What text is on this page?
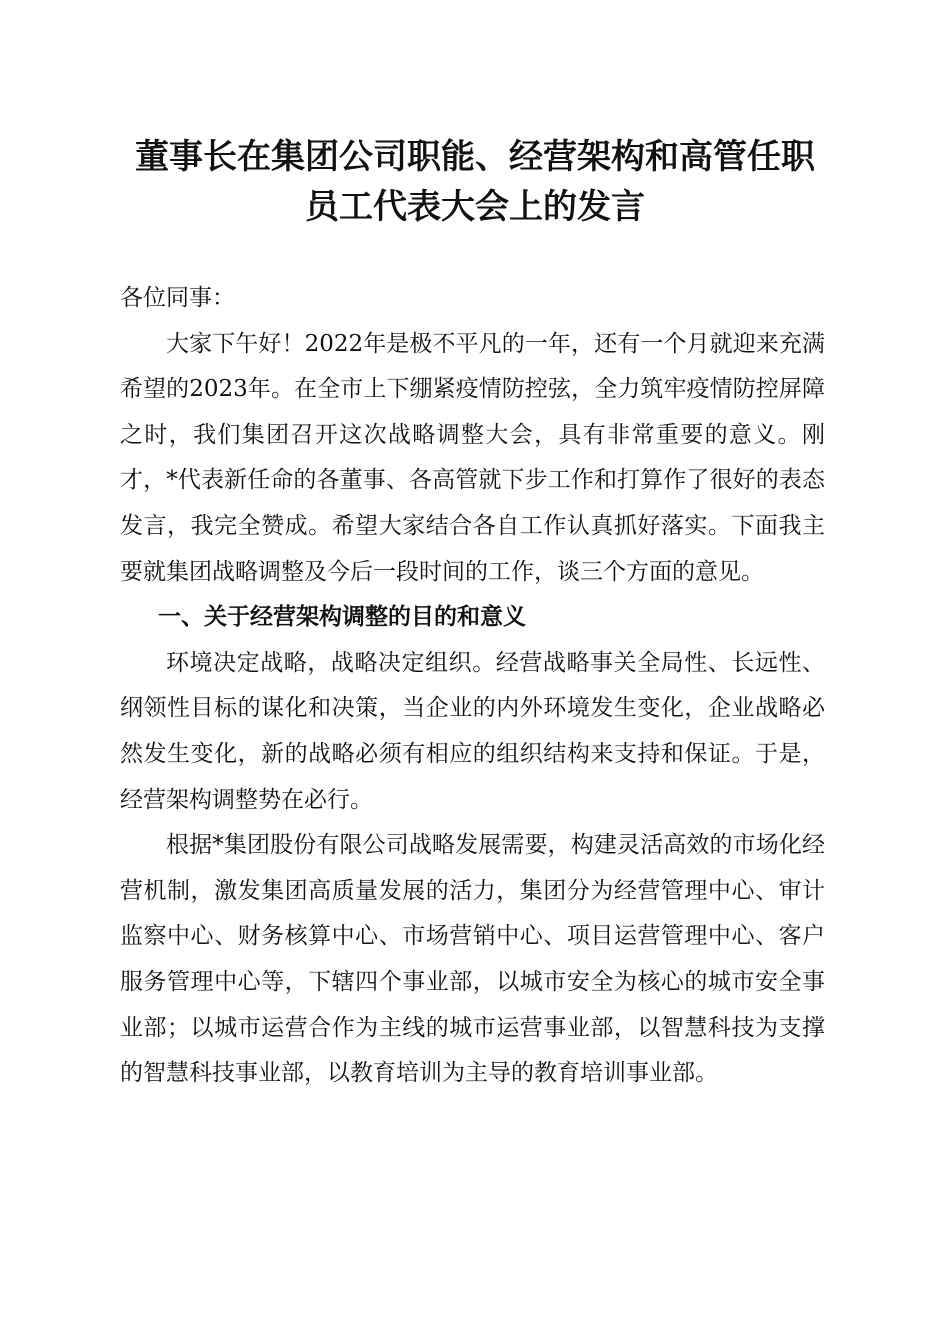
董事长在集团公司职能、经营架构和高管任职
员工代表大会上的发言

各位同事：

大家下午好！2022年是极不平凡的一年，还有一个月就迎来充满希望的2023年。在全市上下绷紧疫情防控弦，全力筑牢疫情防控屏障之时，我们集团召开这次战略调整大会，具有非常重要的意义。刚才，*代表新任命的各董事、各高管就下步工作和打算作了很好的表态发言，我完全赞成。希望大家结合各自工作认真抓好落实。下面我主要就集团战略调整及今后一段时间的工作，谈三个方面的意见。

一、关于经营架构调整的目的和意义

环境决定战略，战略决定组织。经营战略事关全局性、长远性、纲领性目标的谋化和决策，当企业的内外环境发生变化，企业战略必然发生变化，新的战略必须有相应的组织结构来支持和保证。于是，经营架构调整势在必行。

根据*集团股份有限公司战略发展需要，构建灵活高效的市场化经营机制，激发集团高质量发展的活力，集团分为经营管理中心、审计监察中心、财务核算中心、市场营销中心、项目运营管理中心、客户服务管理中心等，下辖四个事业部，以城市安全为核心的城市安全事业部；以城市运营合作为主线的城市运营事业部，以智慧科技为支撑的智慧科技事业部，以教育培训为主导的教育培训事业部。
